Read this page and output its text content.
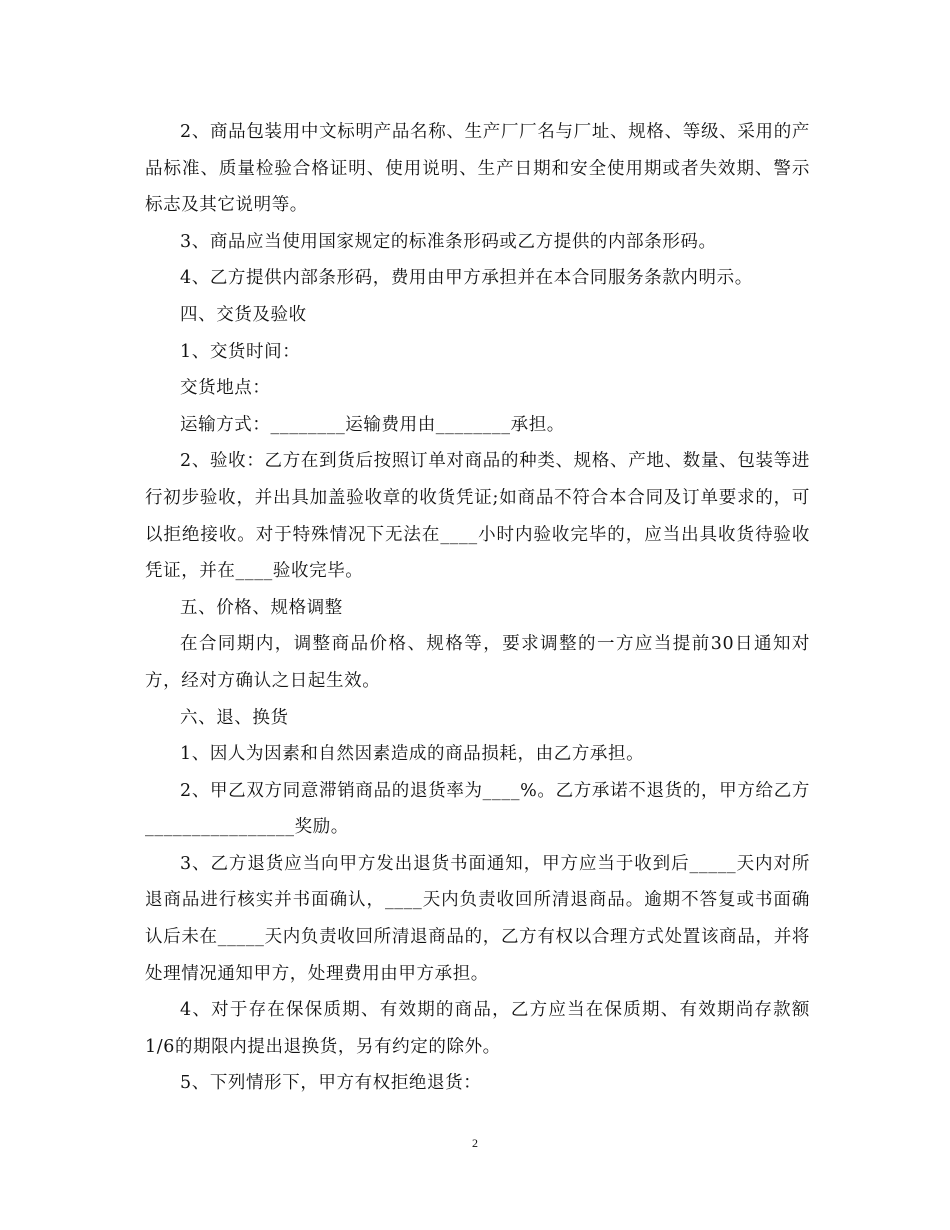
2、商品包装用中文标明产品名称、生产厂厂名与厂址、规格、等级、采用的产品标准、质量检验合格证明、使用说明、生产日期和安全使用期或者失效期、警示标志及其它说明等。

3、商品应当使用国家规定的标准条形码或乙方提供的内部条形码。

4、乙方提供内部条形码，费用由甲方承担并在本合同服务条款内明示。

四、交货及验收

1、交货时间：

交货地点：

运输方式：________运输费用由________承担。

2、验收：乙方在到货后按照订单对商品的种类、规格、产地、数量、包装等进行初步验收，并出具加盖验收章的收货凭证;如商品不符合本合同及订单要求的，可以拒绝接收。对于特殊情况下无法在____小时内验收完毕的，应当出具收货待验收凭证，并在____验收完毕。

五、价格、规格调整

在合同期内，调整商品价格、规格等，要求调整的一方应当提前30日通知对方，经对方确认之日起生效。

六、退、换货

1、因人为因素和自然因素造成的商品损耗，由乙方承担。

2、甲乙双方同意滞销商品的退货率为____%。乙方承诺不退货的，甲方给乙方________________奖励。

3、乙方退货应当向甲方发出退货书面通知，甲方应当于收到后_____天内对所退商品进行核实并书面确认，____天内负责收回所清退商品。逾期不答复或书面确认后未在_____天内负责收回所清退商品的，乙方有权以合理方式处置该商品，并将处理情况通知甲方，处理费用由甲方承担。

4、对于存在保保质期、有效期的商品，乙方应当在保质期、有效期尚存款额1/6的期限内提出退换货，另有约定的除外。

5、下列情形下，甲方有权拒绝退货：

2
